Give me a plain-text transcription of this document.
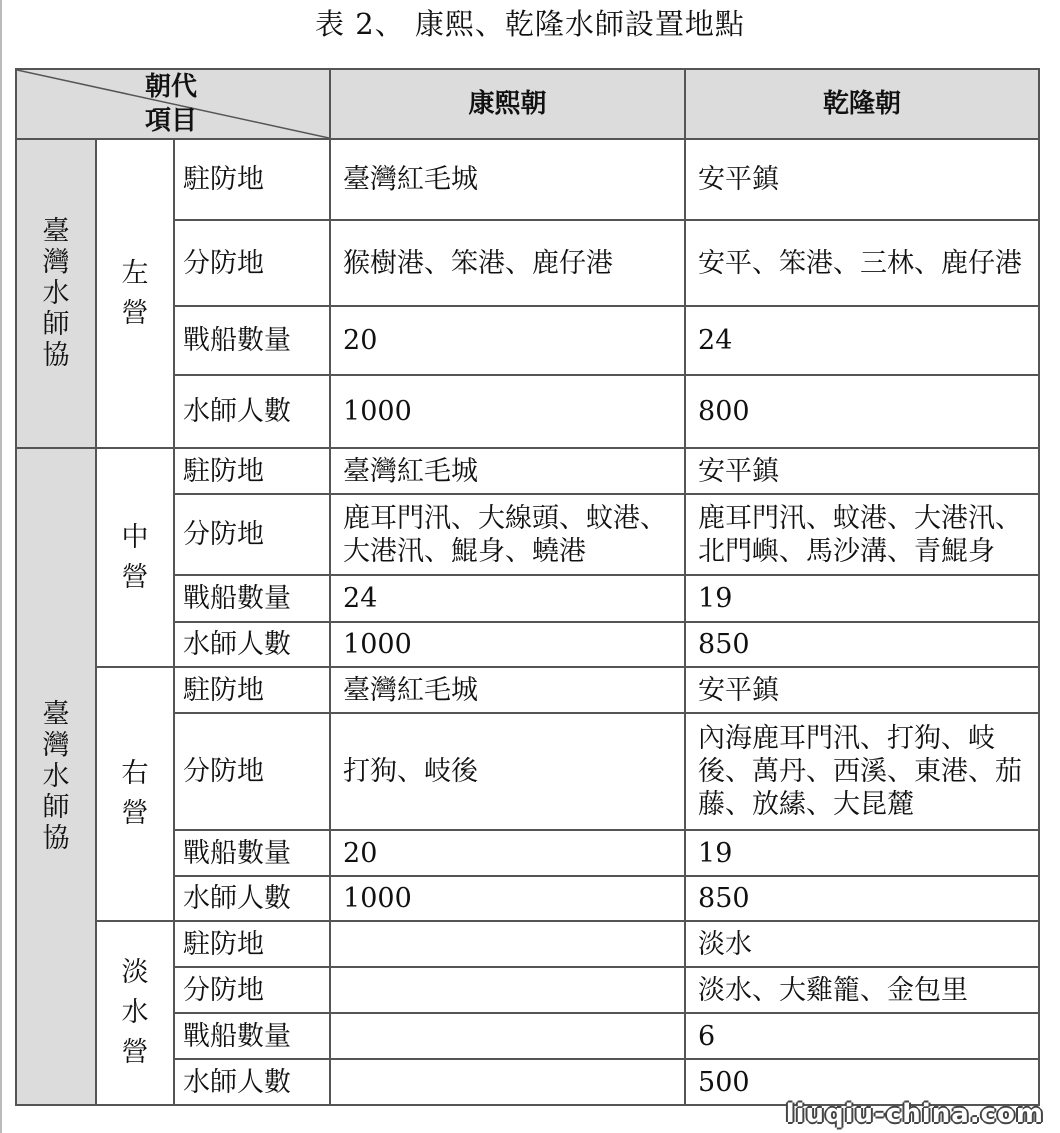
表 2、 康熙、乾隆水師設置地點
朝代
項目			康熙朝	乾隆朝
臺灣水師協	左營	駐防地	臺灣紅毛城	安平鎮
		分防地	猴樹港、笨港、鹿仔港	安平、笨港、三林、鹿仔港
		戰船數量	20	24
		水師人數	1000	800
臺灣水師協	中營	駐防地	臺灣紅毛城	安平鎮
		分防地	鹿耳門汛、大線頭、蚊港、大港汛、鯤身、蟯港	鹿耳門汛、蚊港、大港汛、北門嶼、馬沙溝、青鯤身
		戰船數量	24	19
		水師人數	1000	850
	右營	駐防地	臺灣紅毛城	安平鎮
		分防地	打狗、岐後	內海鹿耳門汛、打狗、岐後、萬丹、西溪、東港、茄藤、放縤、大昆麓
		戰船數量	20	19
		水師人數	1000	850
	淡水營	駐防地		淡水
		分防地		淡水、大雞籠、金包里
		戰船數量		6
		水師人數		500
liuqiu-china.com
